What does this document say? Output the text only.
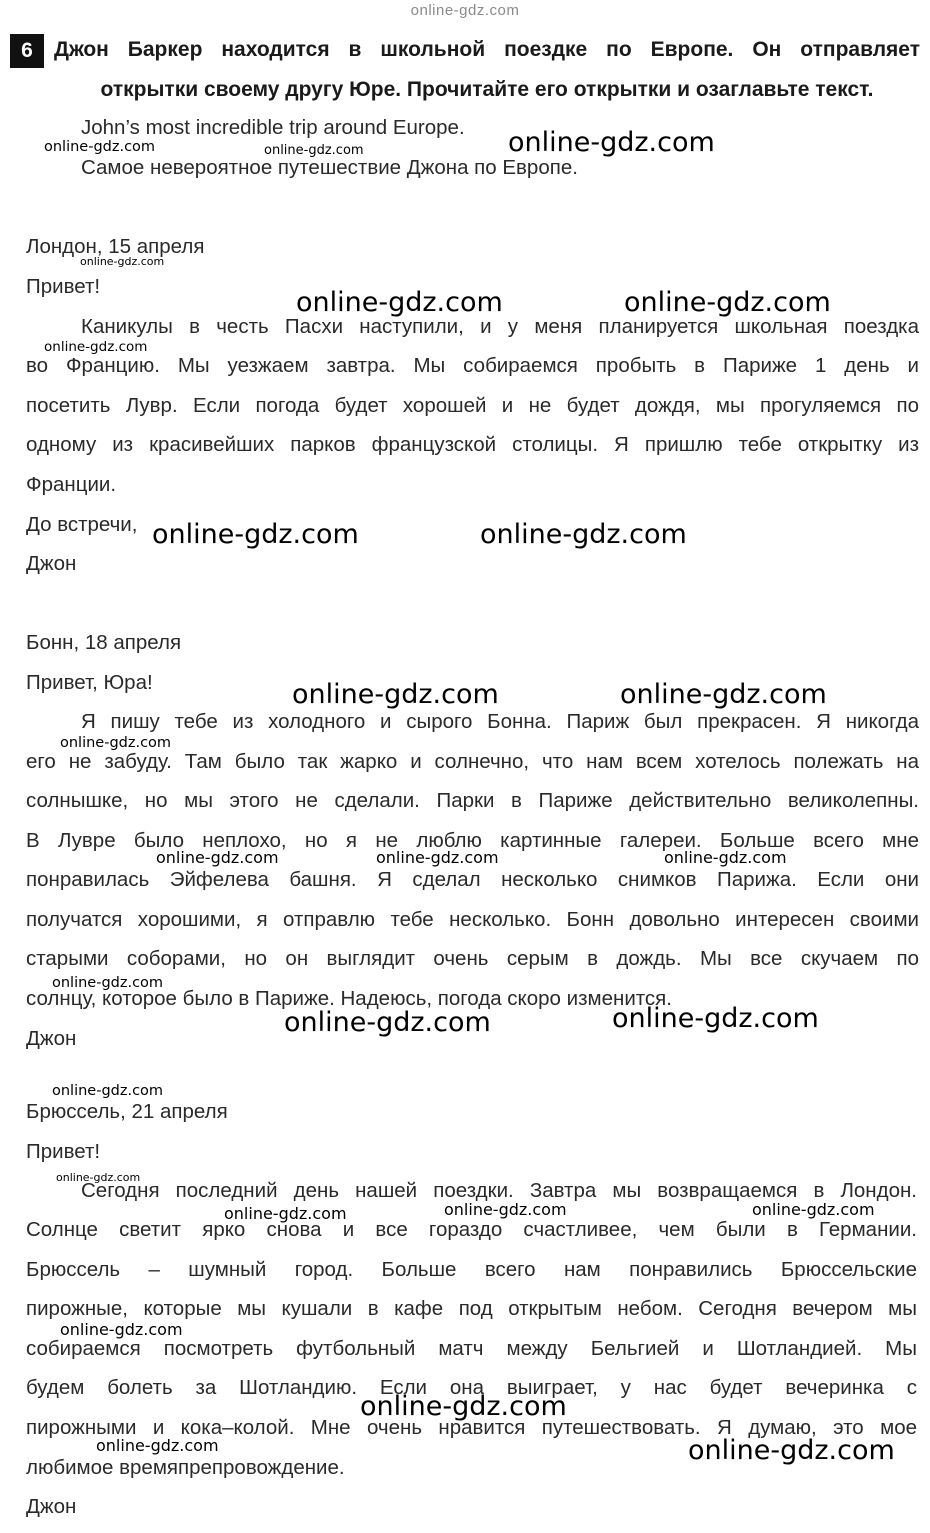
online-gdz.com
6	Джон Баркер находится в школьной поездке по Европе. Он отправляет
открытки своему другу Юре. Прочитайте его открытки и озаглавьте текст.
John’s most incredible trip around Europe.
Самое невероятное путешествие Джона по Европе.
Лондон, 15 апреля
Привет!
Каникулы в честь Пасхи наступили, и у меня планируется школьная поездка
во Францию. Мы уезжаем завтра. Мы собираемся пробыть в Париже 1 день и
посетить Лувр. Если погода будет хорошей и не будет дождя, мы прогуляемся по
одному из красивейших парков французской столицы. Я пришлю тебе открытку из
Франции.
До встречи,
Джон
Бонн, 18 апреля
Привет, Юра!
Я пишу тебе из холодного и сырого Бонна. Париж был прекрасен. Я никогда
его не забуду. Там было так жарко и солнечно, что нам всем хотелось полежать на
солнышке, но мы этого не сделали. Парки в Париже действительно великолепны.
В Лувре было неплохо, но я не люблю картинные галереи. Больше всего мне
понравилась Эйфелева башня. Я сделал несколько снимков Парижа. Если они
получатся хорошими, я отправлю тебе несколько. Бонн довольно интересен своими
старыми соборами, но он выглядит очень серым в дождь. Мы все скучаем по
солнцу, которое было в Париже. Надеюсь, погода скоро изменится.
Джон
Брюссель, 21 апреля
Привет!
Сегодня последний день нашей поездки. Завтра мы возвращаемся в Лондон.
Солнце светит ярко снова и все гораздо счастливее, чем были в Германии.
Брюссель – шумный город. Больше всего нам понравились Брюссельские
пирожные, которые мы кушали в кафе под открытым небом. Сегодня вечером мы
собираемся посмотреть футбольный матч между Бельгией и Шотландией. Мы
будем болеть за Шотландию. Если она выиграет, у нас будет вечеринка с
пирожными и кока–колой. Мне очень нравится путешествовать. Я думаю, это мое
любимое времяпрепровождение.
Джон
online-gdz.com
online-gdz.com	online-gdz.com
online-gdz.com	online-gdz.com
online-gdz.com	online-gdz.com
online-gdz.com	online-gdz.com
online-gdz.com
online-gdz.com
online-gdz.com	online-gdz.com
online-gdz.com
online-gdz.com
online-gdz.com
online-gdz.com	online-gdz.com	online-gdz.com
online-gdz.com
online-gdz.com
online-gdz.com
online-gdz.com	online-gdz.com	online-gdz.com
online-gdz.com
online-gdz.com
